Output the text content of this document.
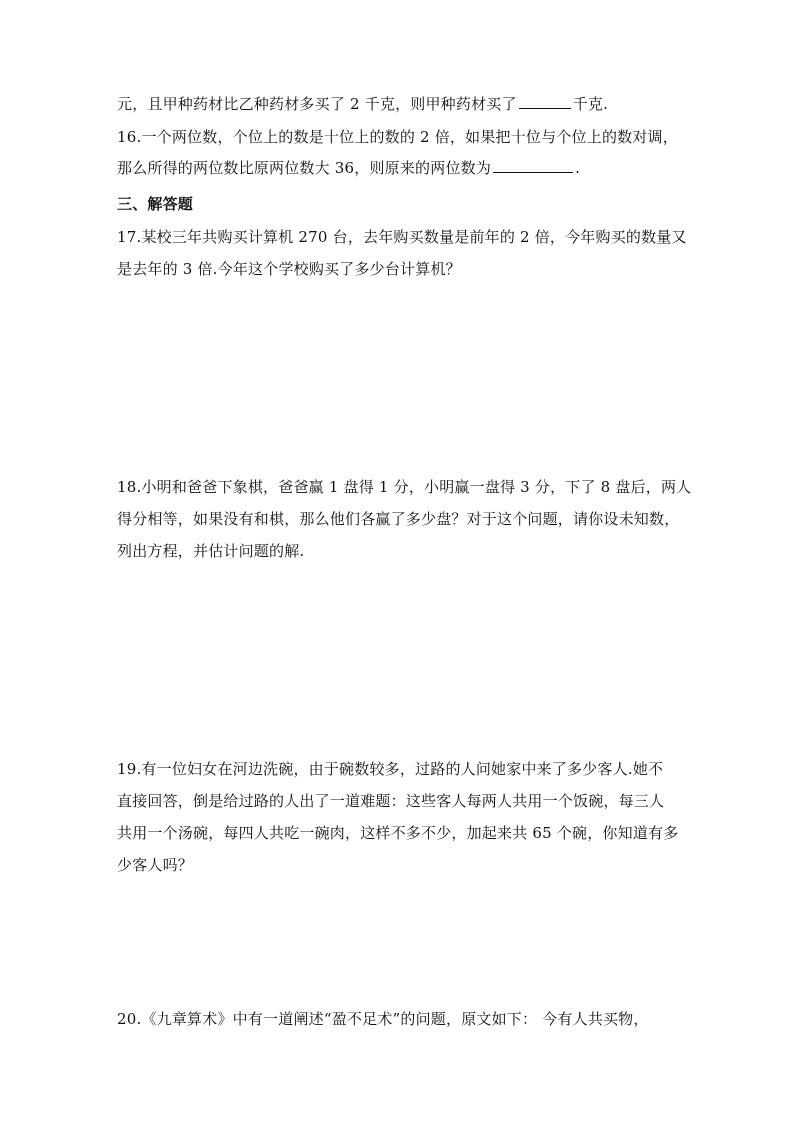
元，且甲种药材比乙种药材多买了 2 千克，则甲种药材买了	千克.
16.一个两位数，个位上的数是十位上的数的 2 倍，如果把十位与个位上的数对调，
那么所得的两位数比原两位数大 36，则原来的两位数为	.
三、解答题
17.某校三年共购买计算机 270 台，去年购买数量是前年的 2 倍，今年购买的数量又
是去年的 3 倍.今年这个学校购买了多少台计算机？
18.小明和爸爸下象棋，爸爸赢 1 盘得 1 分，小明赢一盘得 3 分，下了 8 盘后，两人
得分相等，如果没有和棋，那么他们各赢了多少盘？对于这个问题，请你设未知数，
列出方程，并估计问题的解.
19.有一位妇女在河边洗碗，由于碗数较多，过路的人问她家中来了多少客人.她不
直接回答，倒是给过路的人出了一道难题：这些客人每两人共用一个饭碗，每三人
共用一个汤碗，每四人共吃一碗肉，这样不多不少，加起来共 65 个碗，你知道有多
少客人吗？
20.《九章算术》中有一道阐述“盈不足术”的问题，原文如下： 今有人共买物，
